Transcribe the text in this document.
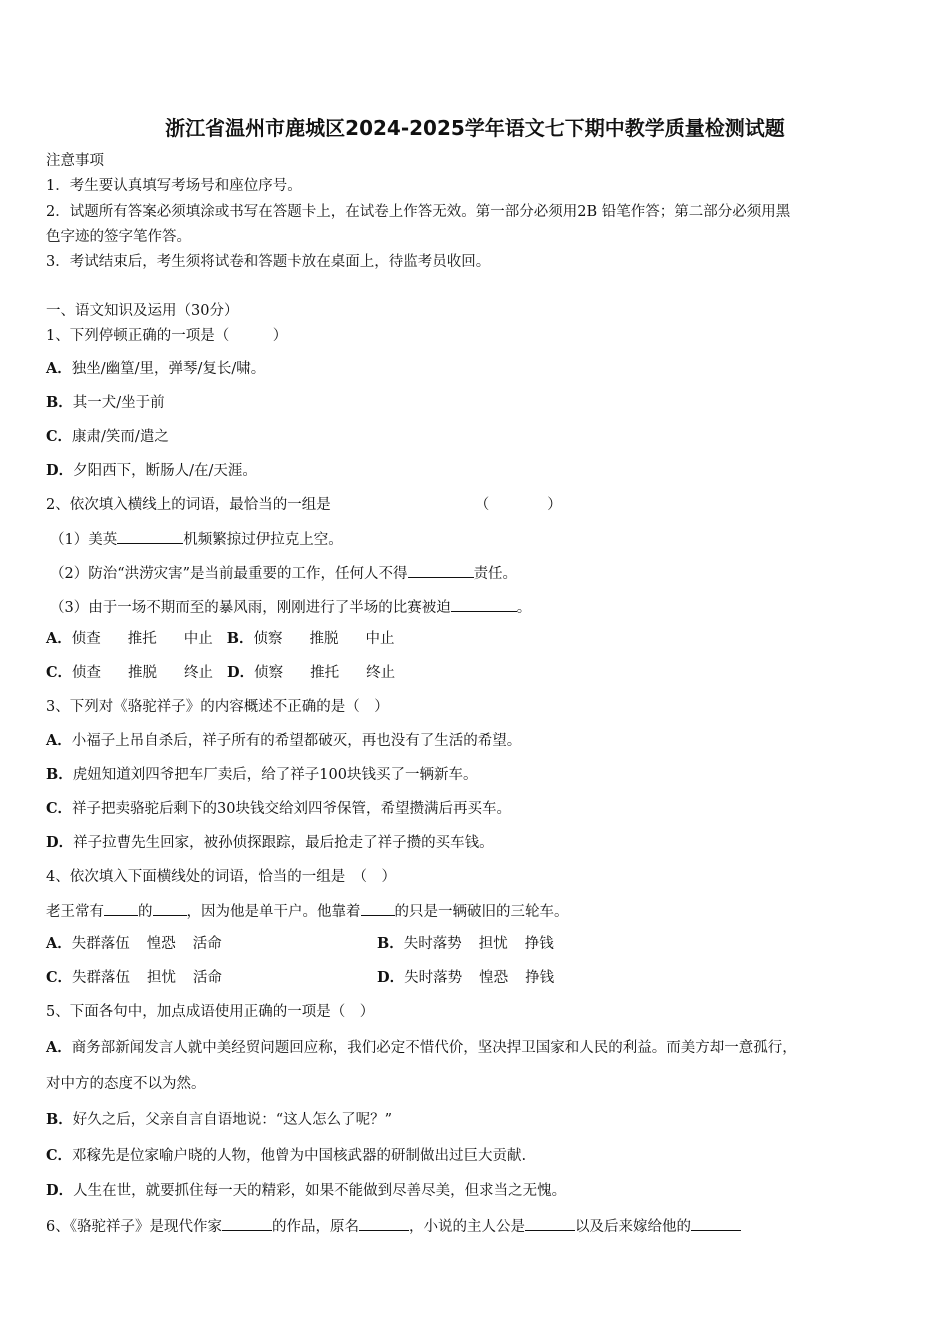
浙江省温州市鹿城区2024-2025学年语文七下期中教学质量检测试题
注意事项
1．考生要认真填写考场号和座位序号。
2．试题所有答案必须填涂或书写在答题卡上，在试卷上作答无效。第一部分必须用2B 铅笔作答；第二部分必须用黑
色字迹的签字笔作答。
3．考试结束后，考生须将试卷和答题卡放在桌面上，待监考员收回。
一、语文知识及运用（30分）
1、下列停顿正确的一项是（　　　）
A．独坐/幽篁/里，弹琴/复长/啸。
B．其一犬/坐于前
C．康肃/笑而/遣之
D．夕阳西下，断肠人/在/天涯。
2、依次填入横线上的词语，最恰当的一组是	（　　　　）
（1）美英	机频繁掠过伊拉克上空。
（2）防治“洪涝灾害”是当前最重要的工作，任何人不得	责任。
（3）由于一场不期而至的暴风雨，刚刚进行了半场的比赛被迫	。
A．侦查 推托 中止 B．侦察 推脱 中止
C．侦查 推脱 终止 D．侦察 推托 终止
3、下列对《骆驼祥子》的内容概述不正确的是（　）
A．小福子上吊自杀后，祥子所有的希望都破灭，再也没有了生活的希望。
B．虎妞知道刘四爷把车厂卖后，给了祥子100块钱买了一辆新车。
C．祥子把卖骆驼后剩下的30块钱交给刘四爷保管，希望攒满后再买车。
D．祥子拉曹先生回家，被孙侦探跟踪，最后抢走了祥子攒的买车钱。
4、依次填入下面横线处的词语，恰当的一组是　（　）
老王常有 的 ，因为他是单干户。他靠着 的只是一辆破旧的三轮车。
A．失群落伍 惶恐 活命	B．失时落势 担忧 挣钱
C．失群落伍 担忧 活命	D．失时落势 惶恐 挣钱
5、下面各句中，加点成语使用正确的一项是（　）
A．商务部新闻发言人就中美经贸问题回应称，我们必定不惜代价，坚决捍卫国家和人民的利益。而美方却一意孤行，
对中方的态度不以为然。
B．好久之后，父亲自言自语地说：“这人怎么了呢？”
C．邓稼先是位家喻户晓的人物，他曾为中国核武器的研制做出过巨大贡献.
D．人生在世，就要抓住每一天的精彩，如果不能做到尽善尽美，但求当之无愧。
6、《骆驼祥子》是现代作家	的作品，原名	，小说的主人公是	以及后来嫁给他的
